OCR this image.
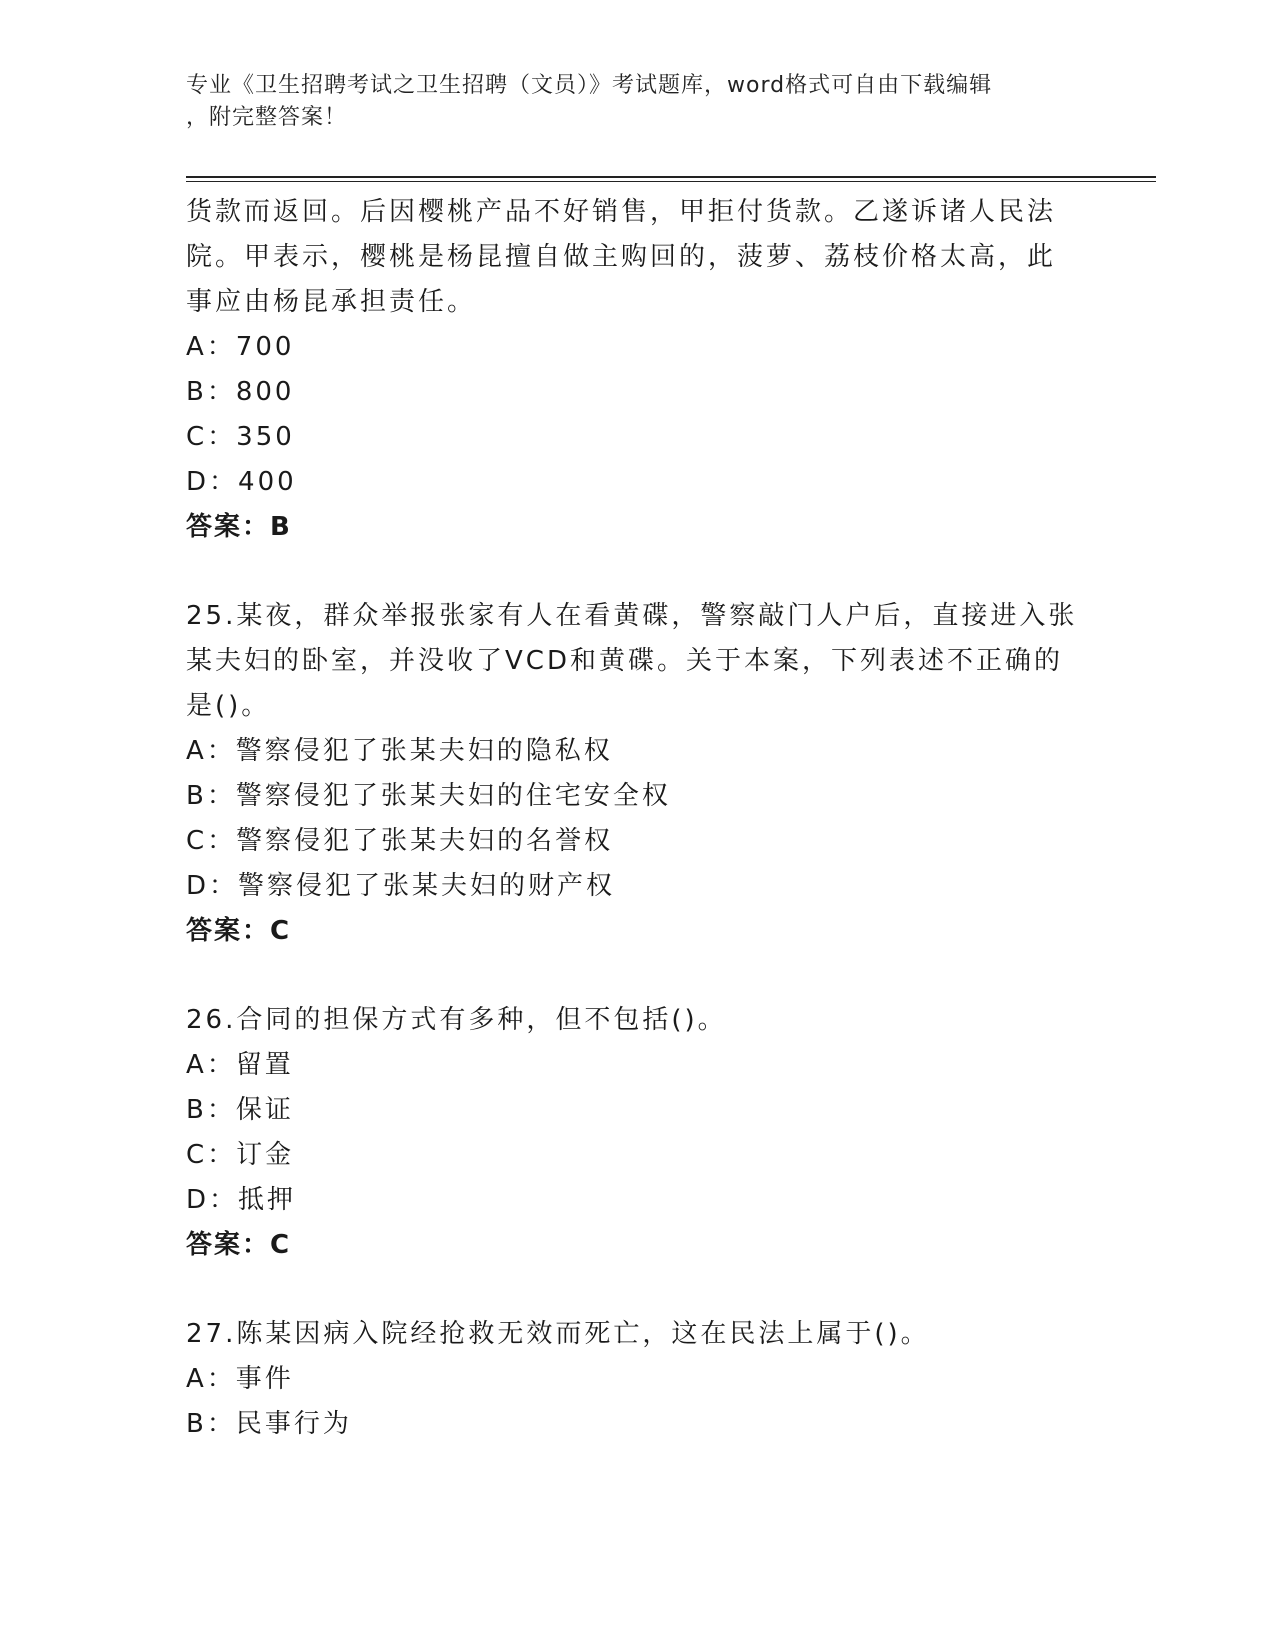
专业《卫生招聘考试之卫生招聘（文员）》考试题库，word格式可自由下载编辑
，附完整答案！
货款而返回。后因樱桃产品不好销售，甲拒付货款。乙遂诉诸人民法
院。甲表示，樱桃是杨昆擅自做主购回的，菠萝、荔枝价格太高，此
事应由杨昆承担责任。
A：700
B：800
C：350
D：400
答案：B
25.某夜，群众举报张家有人在看黄碟，警察敲门人户后，直接进入张
某夫妇的卧室，并没收了VCD和黄碟。关于本案，下列表述不正确的
是()。
A：警察侵犯了张某夫妇的隐私权
B：警察侵犯了张某夫妇的住宅安全权
C：警察侵犯了张某夫妇的名誉权
D：警察侵犯了张某夫妇的财产权
答案：C
26.合同的担保方式有多种，但不包括()。
A：留置
B：保证
C：订金
D：抵押
答案：C
27.陈某因病入院经抢救无效而死亡，这在民法上属于()。
A：事件
B：民事行为
